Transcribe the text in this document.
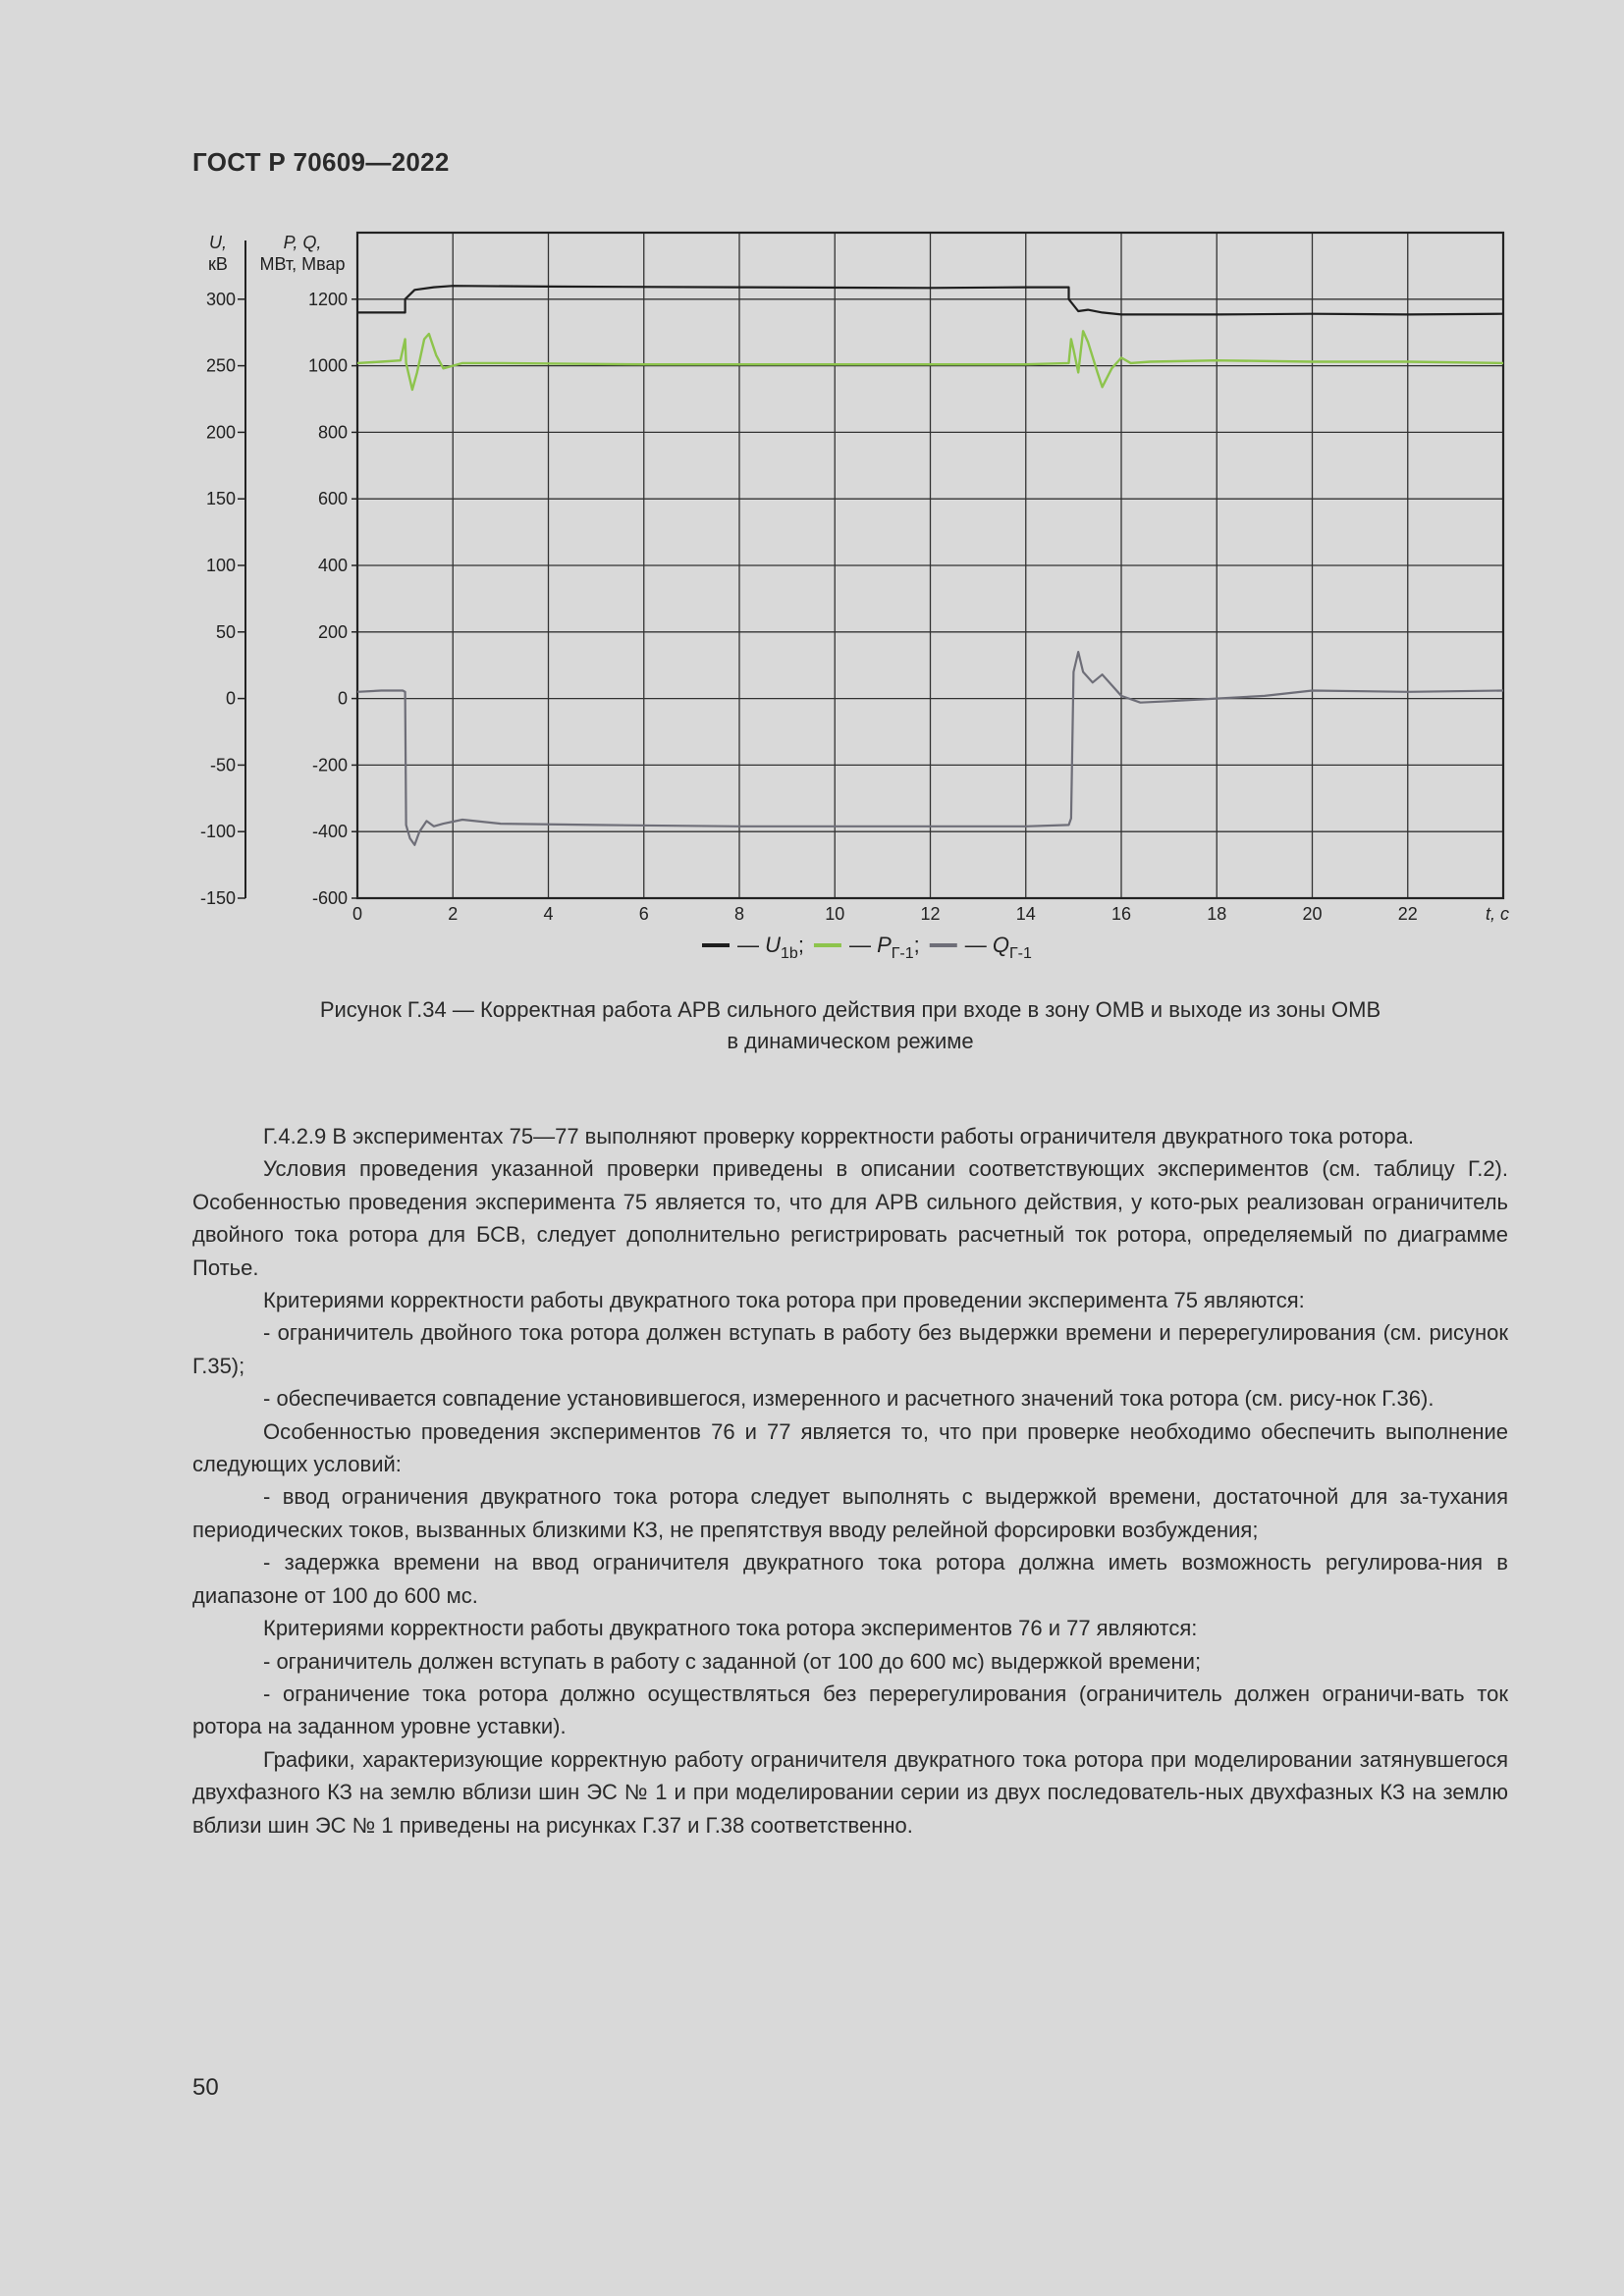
ГОСТ Р 70609—2022
300
250
200
150
100
50
0
-50
-100
-150
1200
1000
800
600
400
200
0
-200
-400
-600
U,
кВ
P, Q,
МВт, Мвар
0	2	4	6	8	10	12	14	16	18	20	22	t, с
— $U_{1b}$; — $P_{Г-1}$; — $Q_{Г-1}$
Рисунок Г.34 — Корректная работа АРВ сильного действия при входе в зону ОМВ и выходе из зоны ОМВ
в динамическом режиме

Г.4.2.9 В экспериментах 75—77 выполняют проверку корректности работы ограничителя двукратного тока ротора.

Условия проведения указанной проверки приведены в описании соответствующих экспериментов (см. таблицу Г.2). Особенностью проведения эксперимента 75 является то, что для АРВ сильного действия, у кото-рых реализован ограничитель двойного тока ротора для БСВ, следует дополнительно регистрировать расчетный ток ротора, определяемый по диаграмме Потье.

Критериями корректности работы двукратного тока ротора при проведении эксперимента 75 являются:

- ограничитель двойного тока ротора должен вступать в работу без выдержки времени и перерегулирования (см. рисунок Г.35);

- обеспечивается совпадение установившегося, измеренного и расчетного значений тока ротора (см. рису-нок Г.36).

Особенностью проведения экспериментов 76 и 77 является то, что при проверке необходимо обеспечить выполнение следующих условий:

- ввод ограничения двукратного тока ротора следует выполнять с выдержкой времени, достаточной для за-тухания периодических токов, вызванных близкими КЗ, не препятствуя вводу релейной форсировки возбуждения;

- задержка времени на ввод ограничителя двукратного тока ротора должна иметь возможность регулирова-ния в диапазоне от 100 до 600 мс.

Критериями корректности работы двукратного тока ротора экспериментов 76 и 77 являются:

- ограничитель должен вступать в работу с заданной (от 100 до 600 мс) выдержкой времени;

- ограничение тока ротора должно осуществляться без перерегулирования (ограничитель должен ограничи-вать ток ротора на заданном уровне уставки).

Графики, характеризующие корректную работу ограничителя двукратного тока ротора при моделировании затянувшегося двухфазного КЗ на землю вблизи шин ЭС № 1 и при моделировании серии из двух последователь-ных двухфазных КЗ на землю вблизи шин ЭС № 1 приведены на рисунках Г.37 и Г.38 соответственно.

50
